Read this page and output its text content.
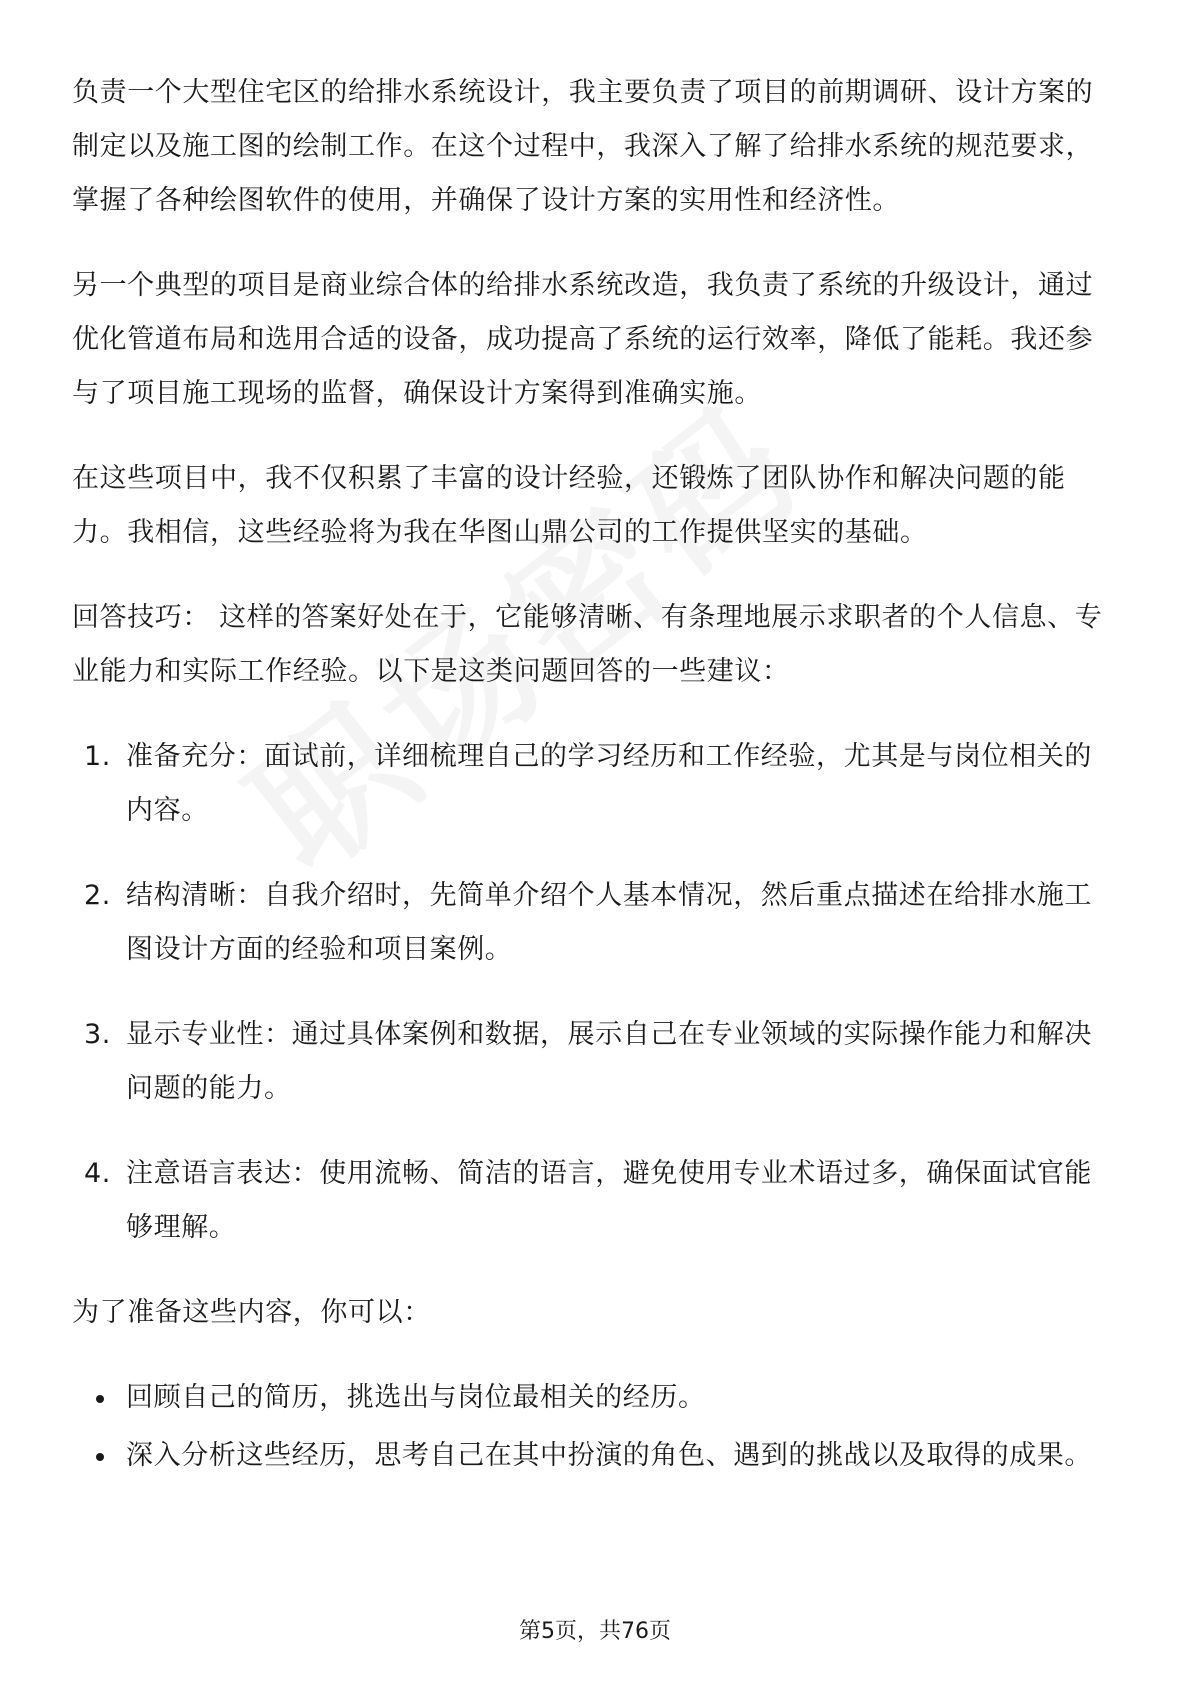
负责一个大型住宅区的给排水系统设计，我主要负责了项目的前期调研、设计方案的制定以及施工图的绘制工作。在这个过程中，我深入了解了给排水系统的规范要求，掌握了各种绘图软件的使用，并确保了设计方案的实用性和经济性。

另一个典型的项目是商业综合体的给排水系统改造，我负责了系统的升级设计，通过优化管道布局和选用合适的设备，成功提高了系统的运行效率，降低了能耗。我还参与了项目施工现场的监督，确保设计方案得到准确实施。

在这些项目中，我不仅积累了丰富的设计经验，还锻炼了团队协作和解决问题的能力。我相信，这些经验将为我在华图山鼎公司的工作提供坚实的基础。

回答技巧： 这样的答案好处在于，它能够清晰、有条理地展示求职者的个人信息、专业能力和实际工作经验。以下是这类问题回答的一些建议：

1. 准备充分：面试前，详细梳理自己的学习经历和工作经验，尤其是与岗位相关的内容。
2. 结构清晰：自我介绍时，先简单介绍个人基本情况，然后重点描述在给排水施工图设计方面的经验和项目案例。
3. 显示专业性：通过具体案例和数据，展示自己在专业领域的实际操作能力和解决问题的能力。
4. 注意语言表达：使用流畅、简洁的语言，避免使用专业术语过多，确保面试官能够理解。

为了准备这些内容，你可以：

回顾自己的简历，挑选出与岗位最相关的经历。
深入分析这些经历，思考自己在其中扮演的角色、遇到的挑战以及取得的成果。
第5页，共76页
